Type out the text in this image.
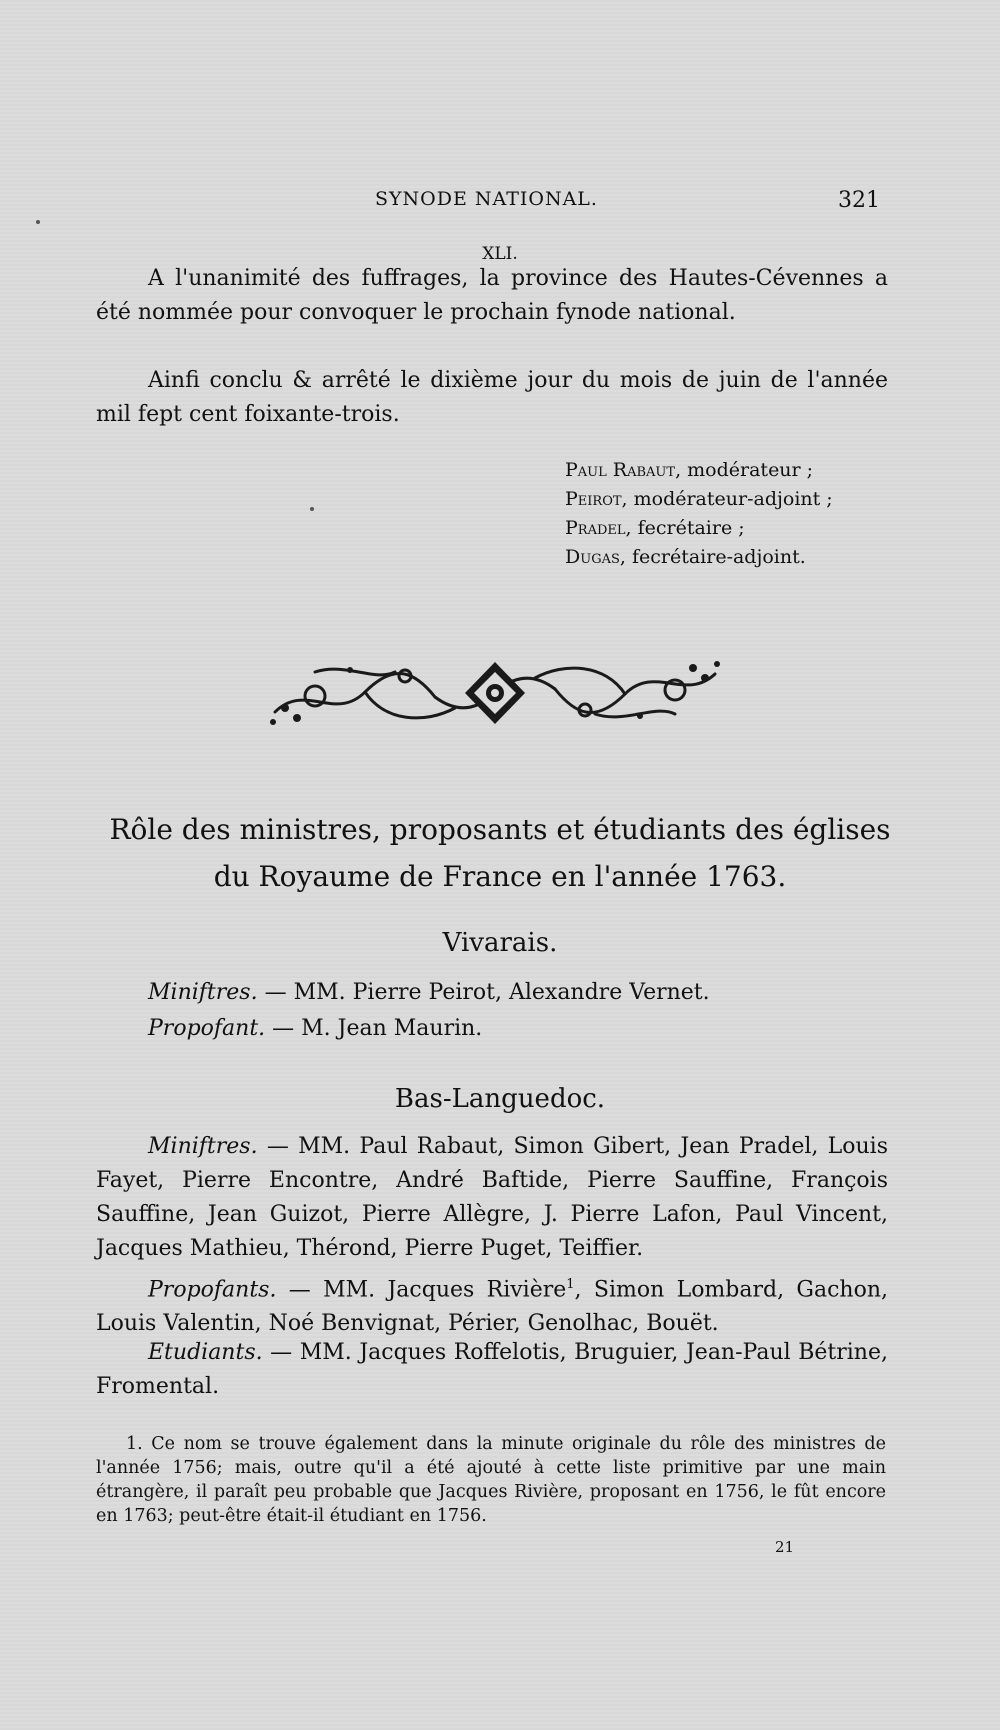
SYNODE NATIONAL.	321
XLI.

A l'unanimité des fuffrages, la province des Hautes-Cévennes a été nommée pour convoquer le prochain fynode national.

Ainfi conclu & arrêté le dixième jour du mois de juin de l'année mil fept cent foixante-trois.

Paul Rabaut, modérateur ;
Peirot, modérateur-adjoint ;
Pradel, fecrétaire ;
Dugas, fecrétaire-adjoint.
Rôle des ministres, proposants et étudiants des églises
du Royaume de France en l'année 1763.
Vivarais.

Miniftres. — MM. Pierre Peirot, Alexandre Vernet.

Propofant. — M. Jean Maurin.

Bas-Languedoc.

Miniftres. — MM. Paul Rabaut, Simon Gibert, Jean Pradel, Louis Fayet, Pierre Encontre, André Baftide, Pierre Sauffine, François Sauffine, Jean Guizot, Pierre Allègre, J. Pierre Lafon, Paul Vincent, Jacques Mathieu, Thérond, Pierre Puget, Teiffier.

Propofants. — MM. Jacques Rivière$^1$, Simon Lombard, Gachon, Louis Valentin, Noé Benvignat, Périer, Genolhac, Bouët.

Etudiants. — MM. Jacques Roffelotis, Bruguier, Jean-Paul Bétrine, Fromental.

1. Ce nom se trouve également dans la minute originale du rôle des ministres de l'année 1756; mais, outre qu'il a été ajouté à cette liste primitive par une main étrangère, il paraît peu probable que Jacques Rivière, proposant en 1756, le fût encore en 1763; peut-être était-il étudiant en 1756.

21
